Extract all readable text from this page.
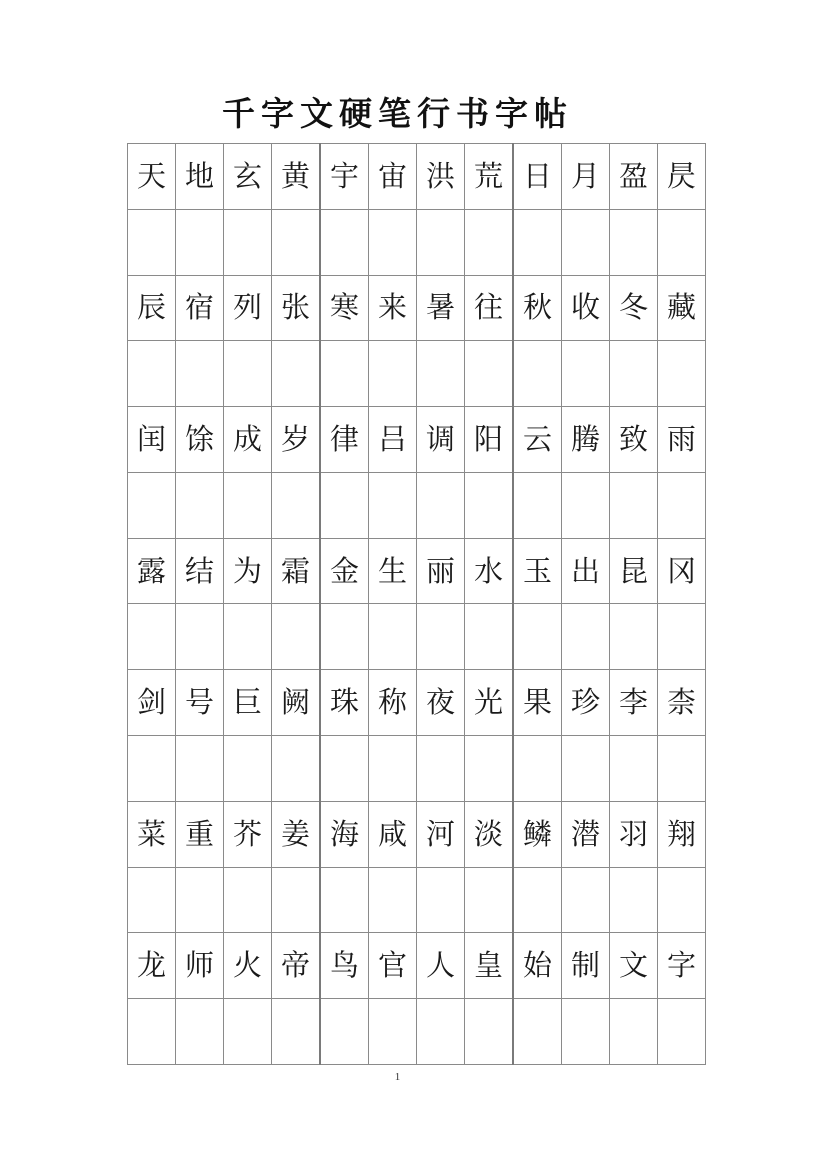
千字文硬笔行书字帖
天	地	玄	黄	宇	宙	洪	荒	日	月	盈	昃

辰	宿	列	张	寒	来	暑	往	秋	收	冬	藏

闰	馀	成	岁	律	吕	调	阳	云	腾	致	雨

露	结	为	霜	金	生	丽	水	玉	出	昆	冈

剑	号	巨	阙	珠	称	夜	光	果	珍	李	柰

菜	重	芥	姜	海	咸	河	淡	鳞	潜	羽	翔

龙	师	火	帝	鸟	官	人	皇	始	制	文	字

1
